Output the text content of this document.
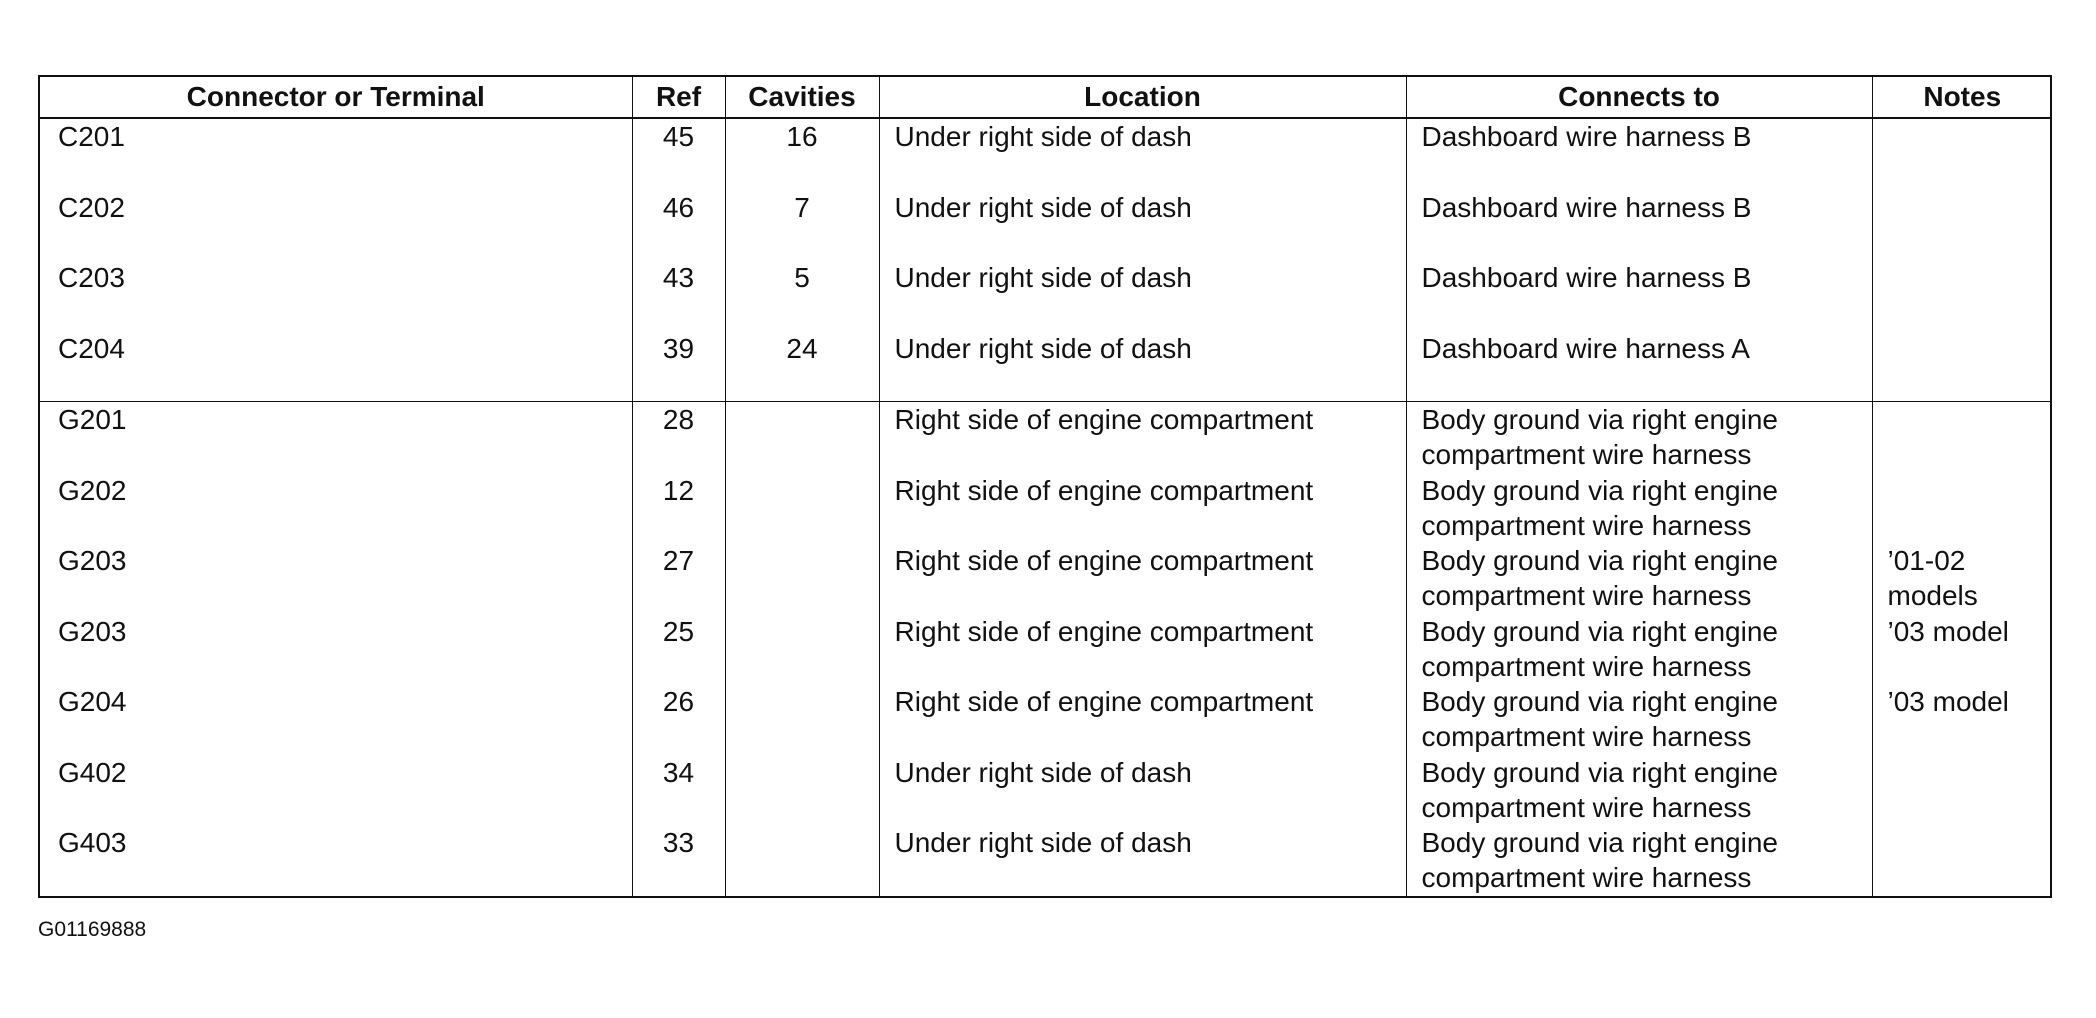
Connector or Terminal	Ref	Cavities	Location	Connects to	Notes
C201	45	16	Under right side of dash	Dashboard wire harness B	
C202	46	7	Under right side of dash	Dashboard wire harness B	
C203	43	5	Under right side of dash	Dashboard wire harness B	
C204	39	24	Under right side of dash	Dashboard wire harness A	
G201	28		Right side of engine compartment	Body ground via right engine compartment wire harness	
G202	12		Right side of engine compartment	Body ground via right engine compartment wire harness	
G203	27		Right side of engine compartment	Body ground via right engine compartment wire harness	’01-02 models
G203	25		Right side of engine compartment	Body ground via right engine compartment wire harness	’03 model
G204	26		Right side of engine compartment	Body ground via right engine compartment wire harness	’03 model
G402	34		Under right side of dash	Body ground via right engine compartment wire harness	
G403	33		Under right side of dash	Body ground via right engine compartment wire harness	
G01169888
